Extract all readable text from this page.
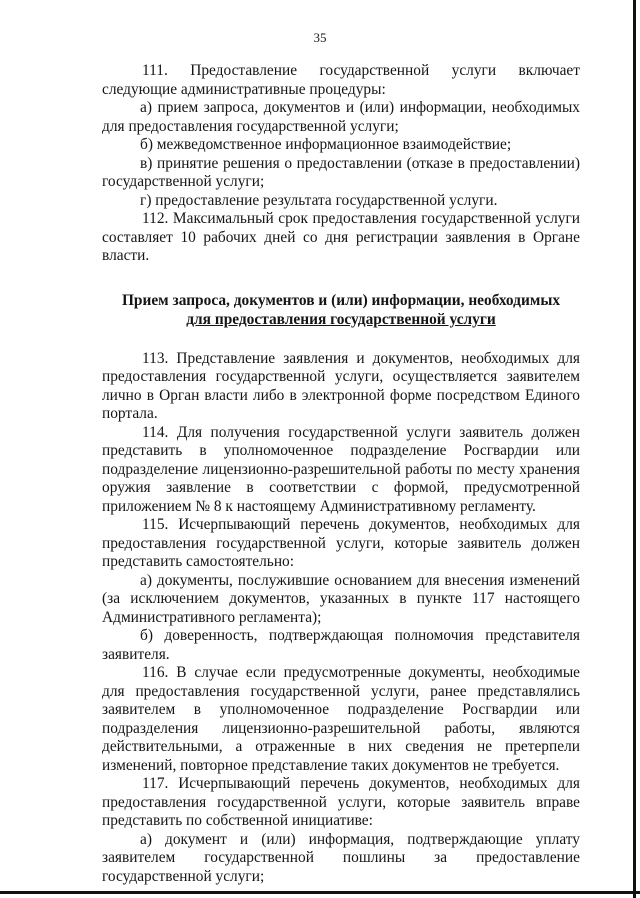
35

111. Предоставление государственной услуги включает следующие административные процедуры:

а) прием запроса, документов и (или) информации, необходимых для предоставления государственной услуги;

б) межведомственное информационное взаимодействие;

в) принятие решения о предоставлении (отказе в предоставлении) государственной услуги;

г) предоставление результата государственной услуги.

112. Максимальный срок предоставления государственной услуги составляет 10 рабочих дней со дня регистрации заявления в Органе власти.

Прием запроса, документов и (или) информации, необходимых
для предоставления государственной услуги

113. Представление заявления и документов, необходимых для предоставления государственной услуги, осуществляется заявителем лично в Орган власти либо в электронной форме посредством Единого портала.

114. Для получения государственной услуги заявитель должен представить в уполномоченное подразделение Росгвардии или подразделение лицензионно-разрешительной работы по месту хранения оружия заявление в соответствии с формой, предусмотренной приложением № 8 к настоящему Административному регламенту.

115. Исчерпывающий перечень документов, необходимых для предоставления государственной услуги, которые заявитель должен представить самостоятельно:

а) документы, послужившие основанием для внесения изменений (за исключением документов, указанных в пункте 117 настоящего Административного регламента);

б) доверенность, подтверждающая полномочия представителя заявителя.

116. В случае если предусмотренные документы, необходимые для предоставления государственной услуги, ранее представлялись заявителем в уполномоченное подразделение Росгвардии или подразделения лицензионно-разрешительной работы, являются действительными, а отраженные в них сведения не претерпели изменений, повторное представление таких документов не требуется.

117. Исчерпывающий перечень документов, необходимых для предоставления государственной услуги, которые заявитель вправе представить по собственной инициативе:

а) документ и (или) информация, подтверждающие уплату заявителем государственной пошлины за предоставление государственной услуги;
